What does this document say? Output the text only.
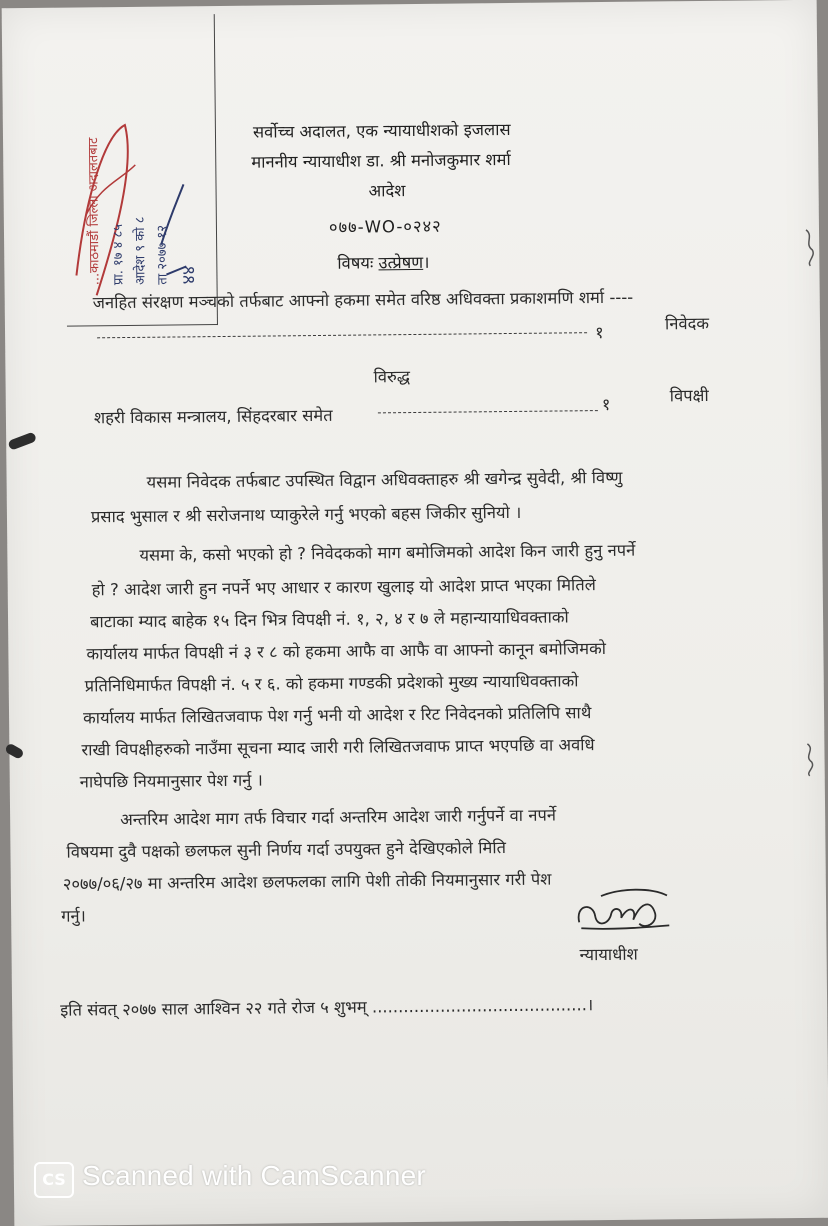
...काठमाडौं जिल्ला अदालतबाट प्रा. १७ ४ ८५ आदेश ९ को ८ ता २०७७ १२ ४४
सर्वोच्च अदालत, एक न्यायाधीशको इजलास
माननीय न्यायाधीश डा. श्री मनोजकुमार शर्मा
आदेश
०७७-WO-०२४२
विषयः उत्प्रेषण।
जनहित संरक्षण मञ्चको तर्फबाट आफ्नो हकमा समेत वरिष्ठ अधिवक्ता प्रकाशमणि शर्मा ----
१	निवेदक
विरुद्ध
शहरी विकास मन्त्रालय, सिंहदरबार समेत
१	विपक्षी
यसमा निवेदक तर्फबाट उपस्थित विद्वान अधिवक्ताहरु श्री खगेन्द्र सुवेदी, श्री विष्णु
प्रसाद भुसाल र श्री सरोजनाथ प्याकुरेले गर्नु भएको बहस जिकीर सुनियो ।
यसमा के, कसो भएको हो ? निवेदकको माग बमोजिमको आदेश किन जारी हुनु नपर्ने
हो ? आदेश जारी हुन नपर्ने भए आधार र कारण खुलाइ यो आदेश प्राप्त भएका मितिले
बाटाका म्याद बाहेक १५ दिन भित्र विपक्षी नं. १, २, ४ र ७ ले महान्यायाधिवक्ताको
कार्यालय मार्फत विपक्षी नं ३ र ८ को हकमा आफै वा आफै वा आफ्नो कानून बमोजिमको
प्रतिनिधिमार्फत विपक्षी नं. ५ र ६. को हकमा गण्डकी प्रदेशको मुख्य न्यायाधिवक्ताको
कार्यालय मार्फत लिखितजवाफ पेश गर्नु भनी यो आदेश र रिट निवेदनको प्रतिलिपि साथै
राखी विपक्षीहरुको नाउँमा सूचना म्याद जारी गरी लिखितजवाफ प्राप्त भएपछि वा अवधि
नाघेपछि नियमानुसार पेश गर्नु ।
अन्तरिम आदेश माग तर्फ विचार गर्दा अन्तरिम आदेश जारी गर्नुपर्ने वा नपर्ने
विषयमा दुवै पक्षको छलफल सुनी निर्णय गर्दा उपयुक्त हुने देखिएकोले मिति
२०७७/०६/२७ मा अन्तरिम आदेश छलफलका लागि पेशी तोकी नियमानुसार गरी पेश
गर्नु।
न्यायाधीश
इति संवत् २०७७ साल आश्विन २२ गते रोज ५ शुभम् .........................................।
CS Scanned with CamScanner
